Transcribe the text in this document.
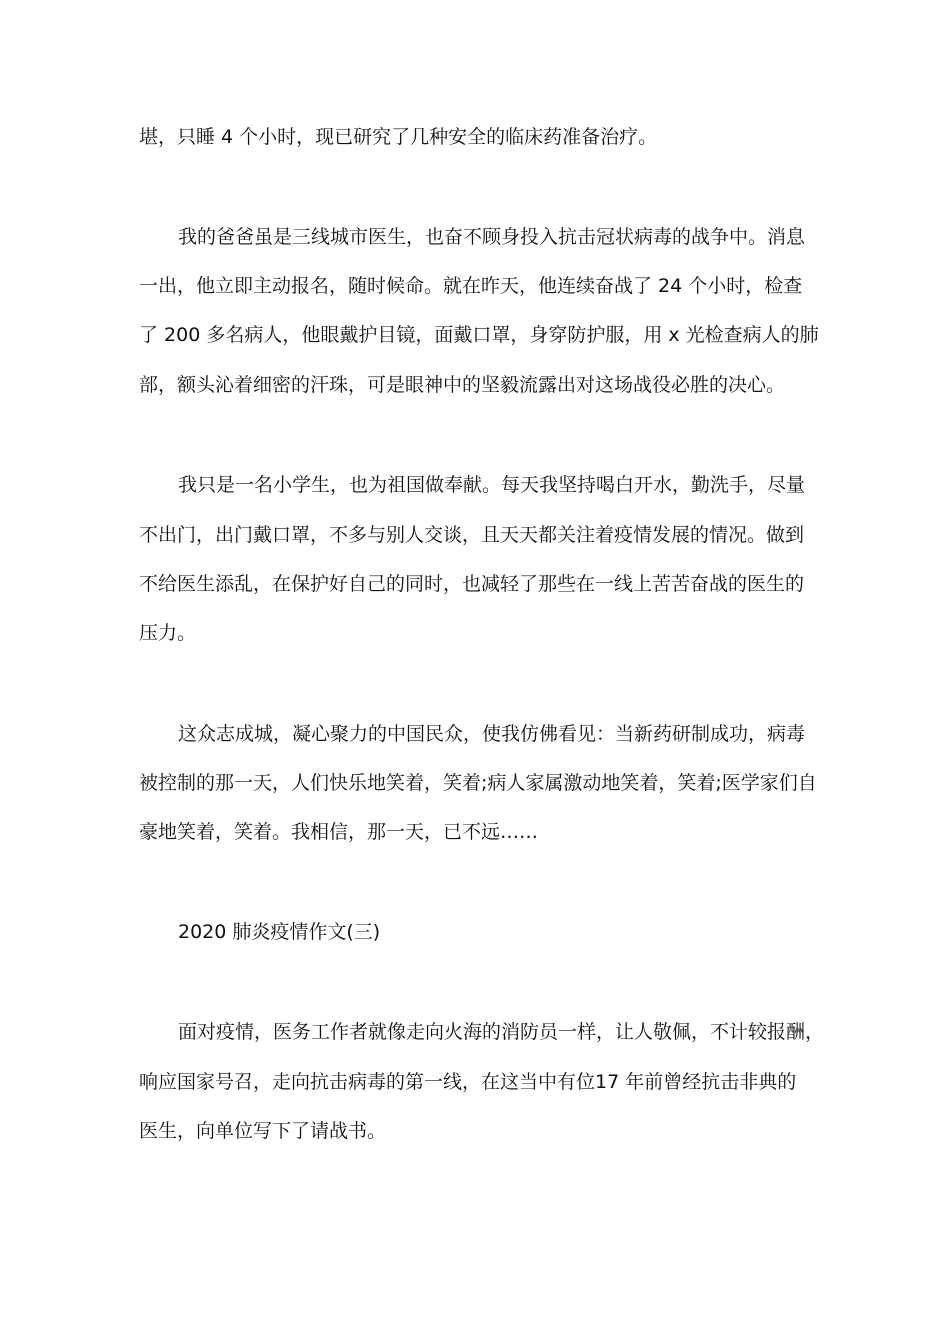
堪，只睡 4 个小时，现已研究了几种安全的临床药准备治疗。
我的爸爸虽是三线城市医生，也奋不顾身投入抗击冠状病毒的战争中。消息
一出，他立即主动报名，随时候命。就在昨天，他连续奋战了 24 个小时，检查
了 200 多名病人，他眼戴护目镜，面戴口罩，身穿防护服，用 x 光检查病人的肺
部，额头沁着细密的汗珠，可是眼神中的坚毅流露出对这场战役必胜的决心。
我只是一名小学生，也为祖国做奉献。每天我坚持喝白开水，勤洗手，尽量
不出门，出门戴口罩，不多与别人交谈，且天天都关注着疫情发展的情况。做到
不给医生添乱，在保护好自己的同时，也减轻了那些在一线上苦苦奋战的医生的
压力。
这众志成城，凝心聚力的中国民众，使我仿佛看见：当新药研制成功，病毒
被控制的那一天，人们快乐地笑着，笑着;病人家属激动地笑着，笑着;医学家们自
豪地笑着，笑着。我相信，那一天，已不远……
2020 肺炎疫情作文(三)
面对疫情，医务工作者就像走向火海的消防员一样，让人敬佩，不计较报酬，
响应国家号召，走向抗击病毒的第一线，在这当中有位17 年前曾经抗击非典的
医生，向单位写下了请战书。
